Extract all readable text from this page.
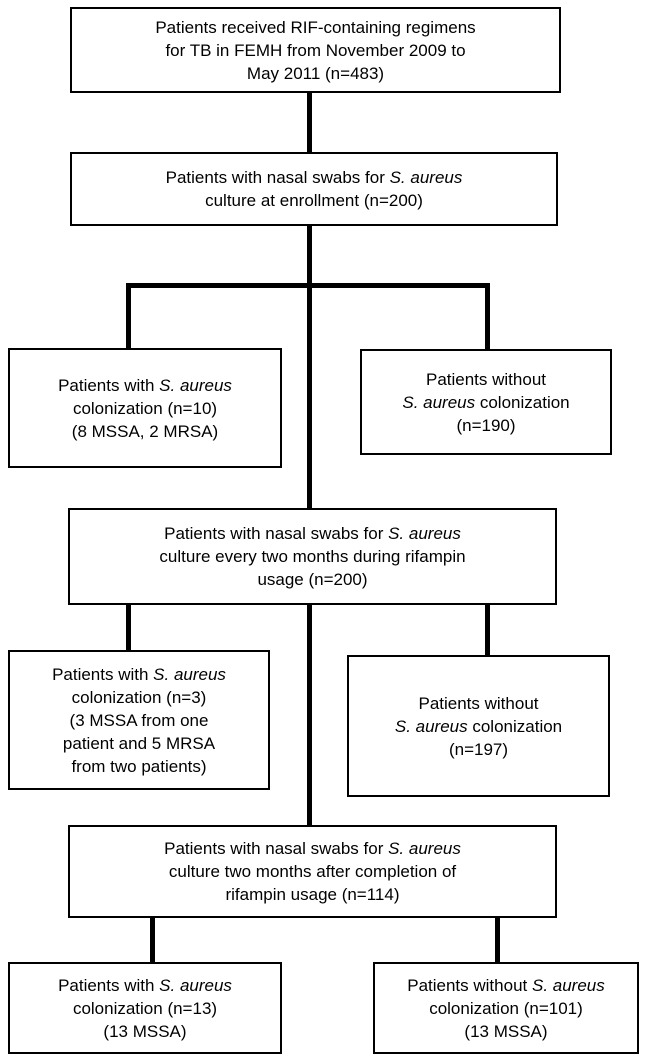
Patients received RIF-containing regimens
for TB in FEMH from November 2009 to
May 2011 (n=483)
Patients with nasal swabs for S. aureus
culture at enrollment (n=200)
Patients with S. aureus
colonization (n=10)
(8 MSSA, 2 MRSA)
Patients without
S. aureus colonization
(n=190)
Patients with nasal swabs for S. aureus
culture every two months during rifampin
usage (n=200)
Patients with S. aureus
colonization (n=3)
(3 MSSA from one
patient and 5 MRSA
from two patients)
Patients without
S. aureus colonization
(n=197)
Patients with nasal swabs for S. aureus
culture two months after completion of
rifampin usage (n=114)
Patients with S. aureus
colonization (n=13)
(13 MSSA)
Patients without S. aureus
colonization (n=101)
(13 MSSA)
